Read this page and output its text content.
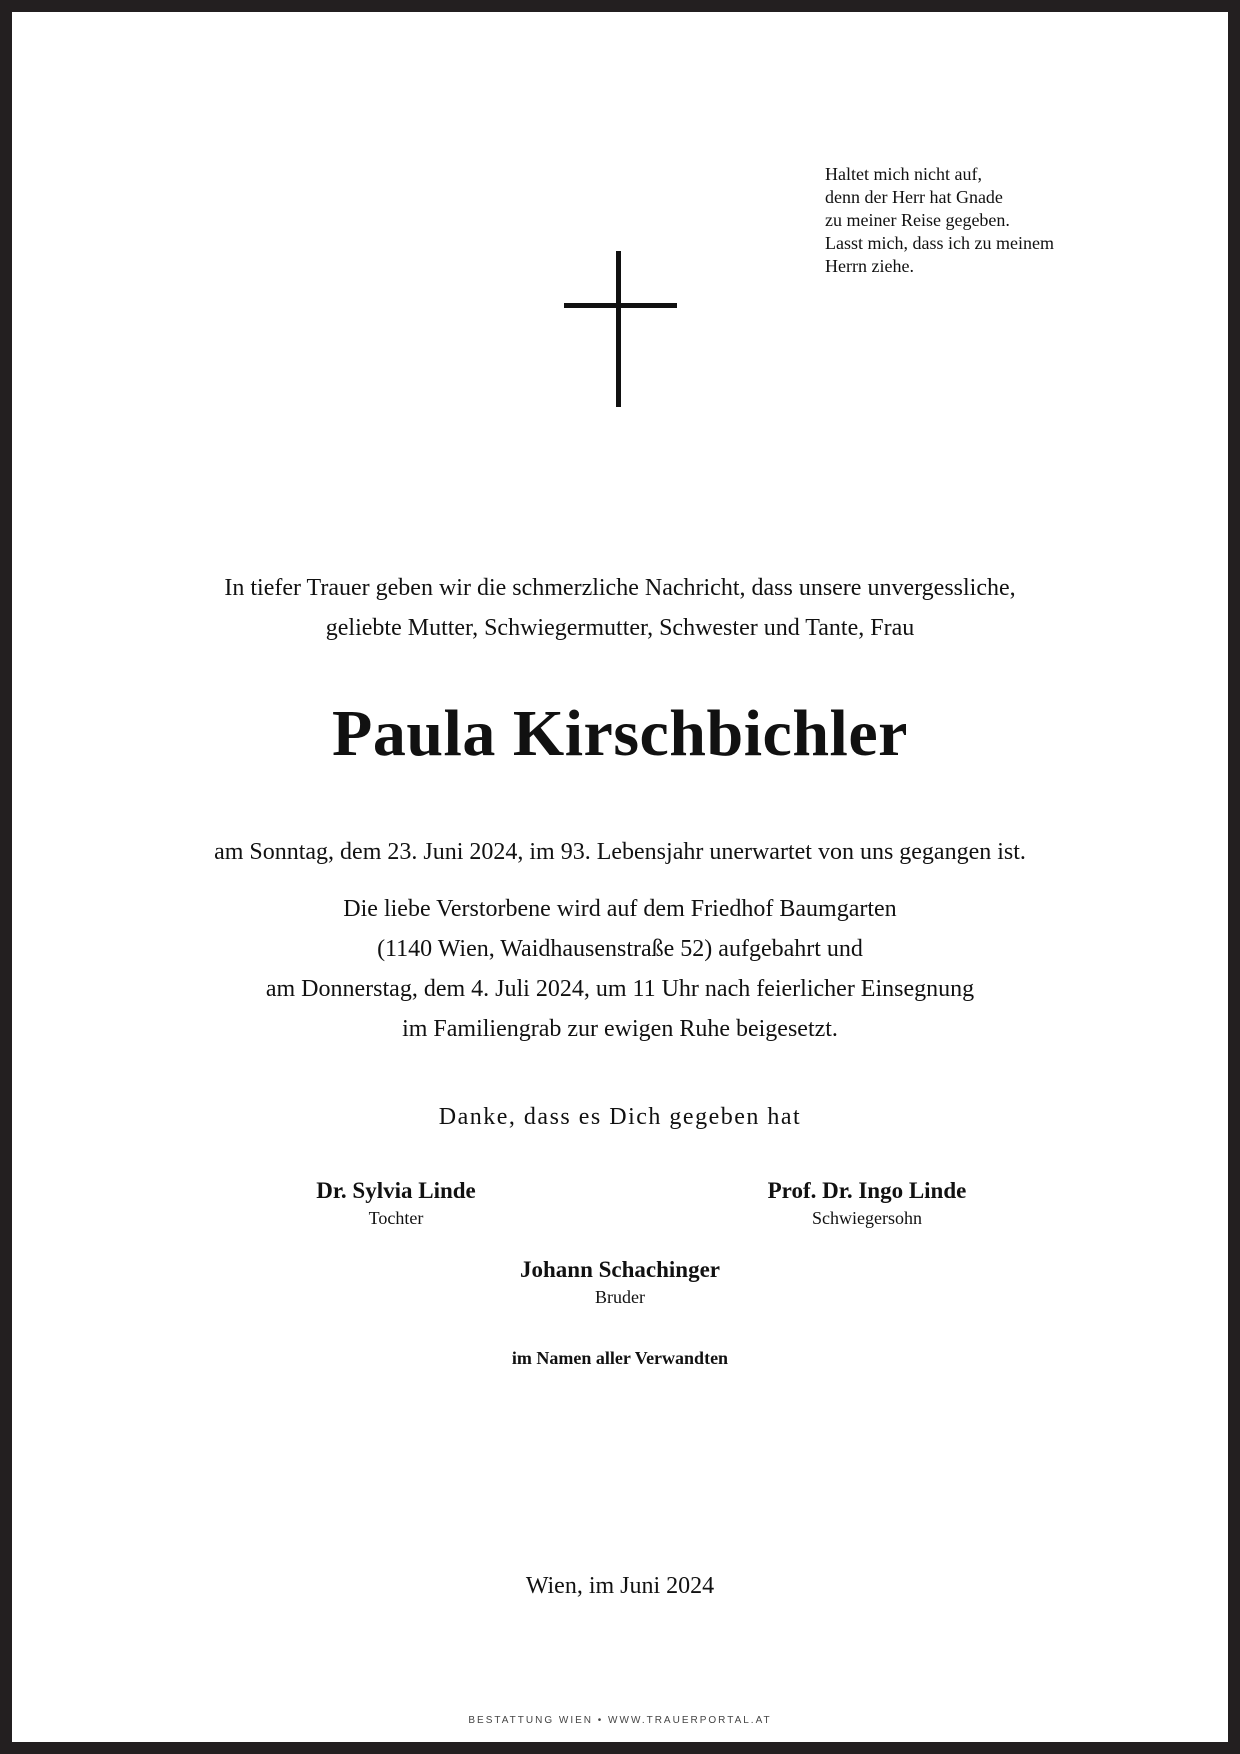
Haltet mich nicht auf,
denn der Herr hat Gnade
zu meiner Reise gegeben.
Lasst mich, dass ich zu meinem
Herrn ziehe.
In tiefer Trauer geben wir die schmerzliche Nachricht, dass unsere unvergessliche,
geliebte Mutter, Schwiegermutter, Schwester und Tante, Frau
Paula Kirschbichler
am Sonntag, dem 23. Juni 2024, im 93. Lebensjahr unerwartet von uns gegangen ist.
Die liebe Verstorbene wird auf dem Friedhof Baumgarten
(1140 Wien, Waidhausenstraße 52) aufgebahrt und
am Donnerstag, dem 4. Juli 2024, um 11 Uhr nach feierlicher Einsegnung
im Familiengrab zur ewigen Ruhe beigesetzt.
Danke, dass es Dich gegeben hat
Dr. Sylvia Linde
Tochter
Prof. Dr. Ingo Linde
Schwiegersohn
Johann Schachinger
Bruder
im Namen aller Verwandten
Wien, im Juni 2024
BESTATTUNG WIEN • WWW.TRAUERPORTAL.AT
